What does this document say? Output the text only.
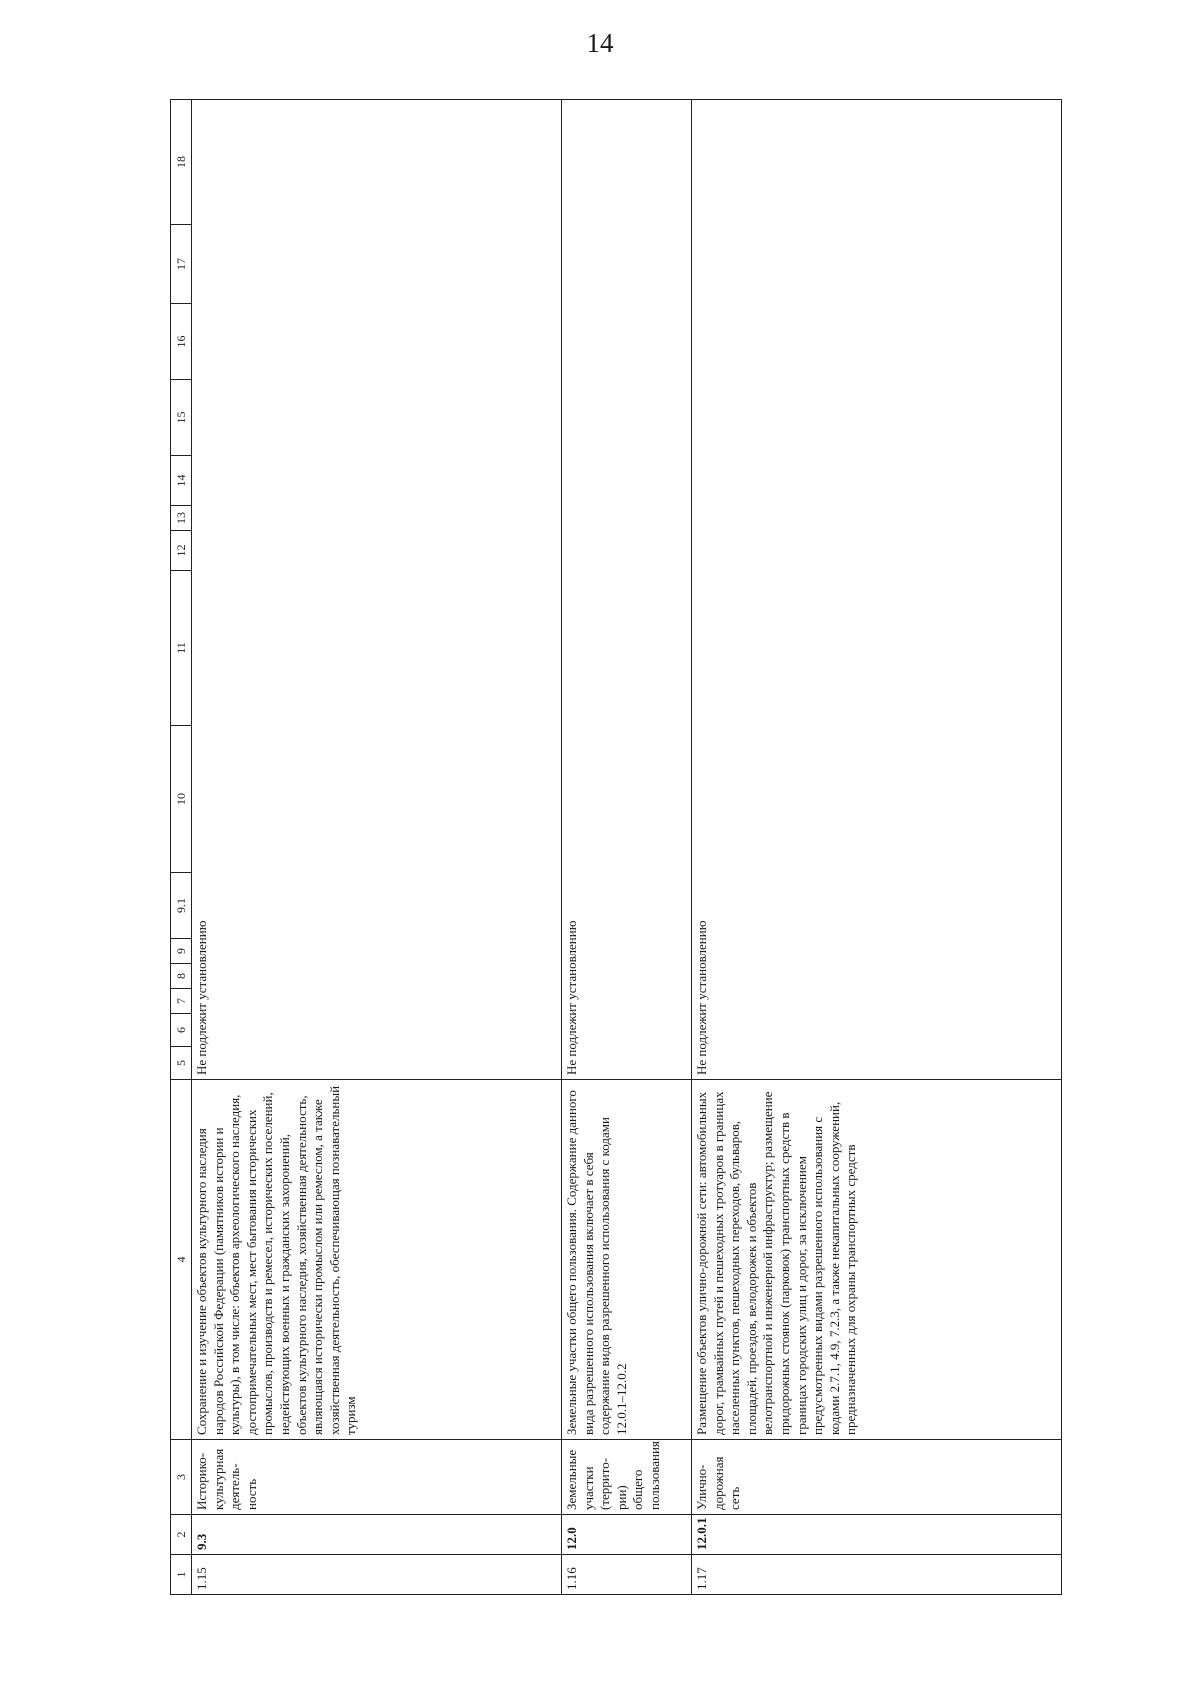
14
1	2	3	4	5	6	7	8	9	9.1	10	11	12	13	14	15	16	17	18
1.15	9.3	Историко-культурная деятель-ность	Сохранение и изучение объектов культурного наследия народов Российской Федерации (памятников истории и культуры), в том числе: объектов археологического наследия, достопримечательных мест, мест бытования исторических промыслов, производств и ремесел, исторических поселений, недействующих военных и гражданских захоронений, объектов культурного наследия, хозяйственная деятельность, являющаяся исторически промыслом или ремеслом, а также хозяйственная деятельность, обеспечивающая познавательный туризм	Не подлежит установлению														
1.16	12.0	Земельные участки (террито-рии) общего пользования	Земельные участки общего пользования. Содержание данного вида разрешенного использования включает в себя содержание видов разрешенного использования с кодами 12.0.1–12.0.2	Не подлежит установлению														
1.17	12.0.1	Улично-дорожная сеть	Размещение объектов улично-дорожной сети: автомобильных дорог, трамвайных путей и пешеходных тротуаров в границах населенных пунктов, пешеходных переходов, бульваров, площадей, проездов, велодорожек и объектов велотранспортной и инженерной инфраструктур; размещение придорожных стоянок (парковок) транспортных средств в границах городских улиц и дорог, за исключением предусмотренных видами разрешенного использования с кодами 2.7.1, 4.9, 7.2.3, а также некапитальных сооружений, предназначенных для охраны транспортных средств	Не подлежит установлению														
